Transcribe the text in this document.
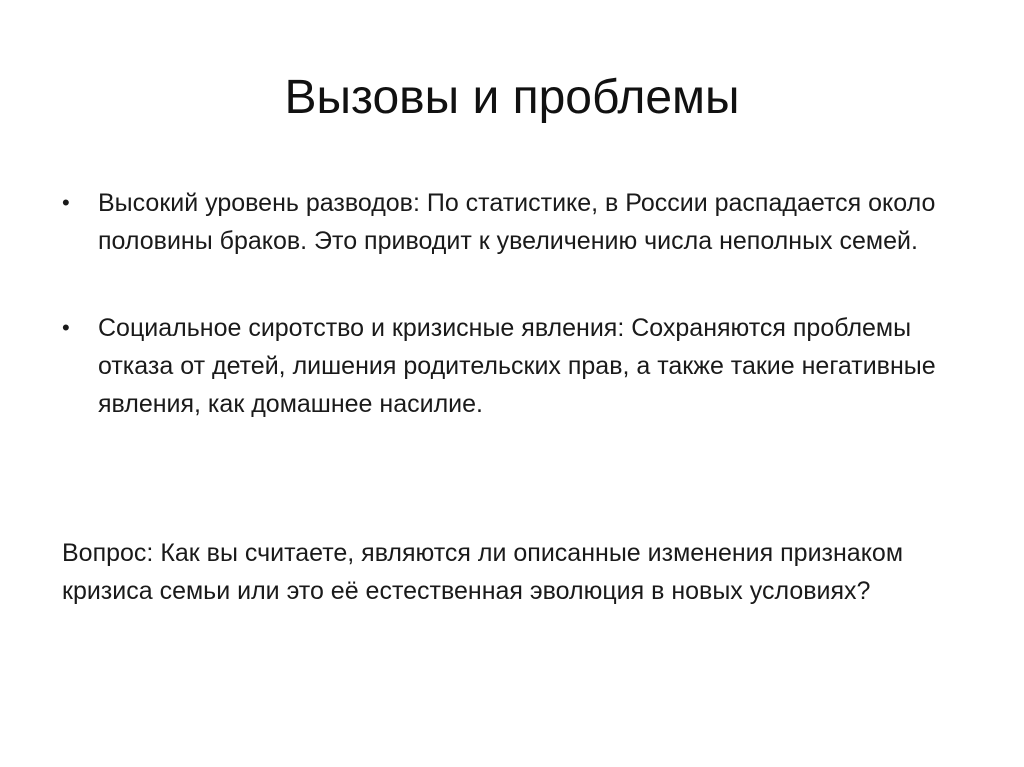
Вызовы и проблемы
•	Высокий уровень разводов: По статистике, в России распадается около половины браков. Это приводит к увеличению числа неполных семей.
•	Социальное сиротство и кризисные явления: Сохраняются проблемы отказа от детей, лишения родительских прав, а также такие негативные явления, как домашнее насилие.

Вопрос: Как вы считаете, являются ли описанные изменения признаком кризиса семьи или это её естественная эволюция в новых условиях?
